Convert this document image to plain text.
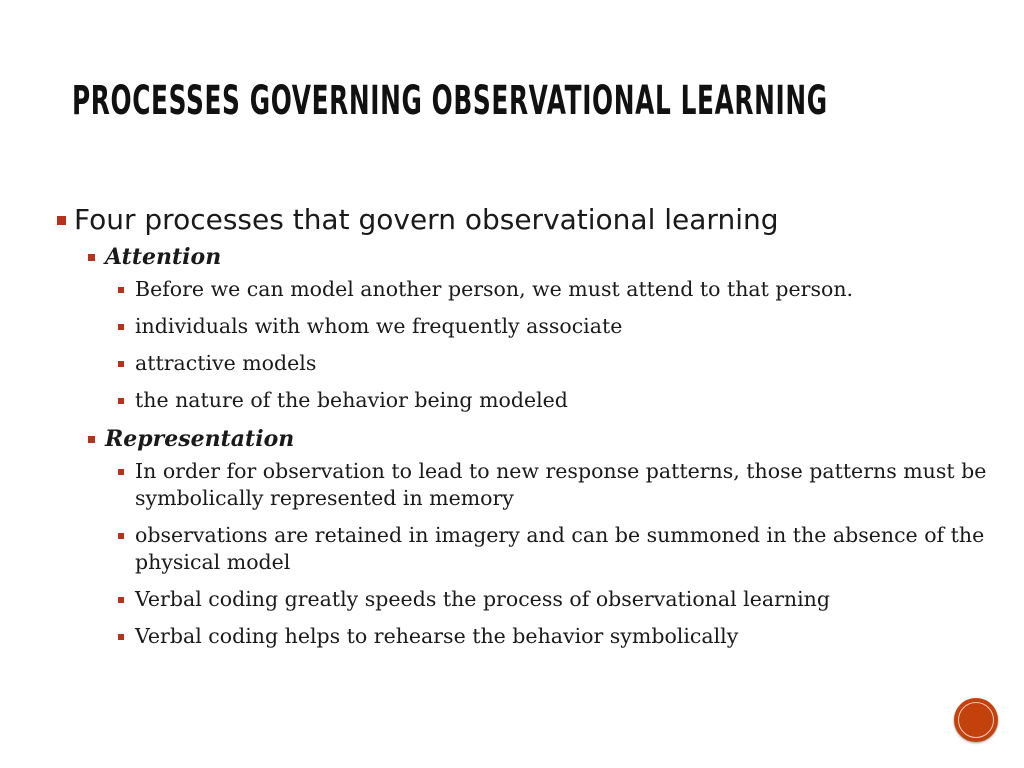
PROCESSES GOVERNING OBSERVATIONAL LEARNING

Four processes that govern observational learning

Attention

Before we can model another person, we must attend to that person.

individuals with whom we frequently associate

attractive models

the nature of the behavior being modeled

Representation

In order for observation to lead to new response patterns, those patterns must be symbolically represented in memory

observations are retained in imagery and can be summoned in the absence of the physical model

Verbal coding greatly speeds the process of observational learning

Verbal coding helps to rehearse the behavior symbolically
